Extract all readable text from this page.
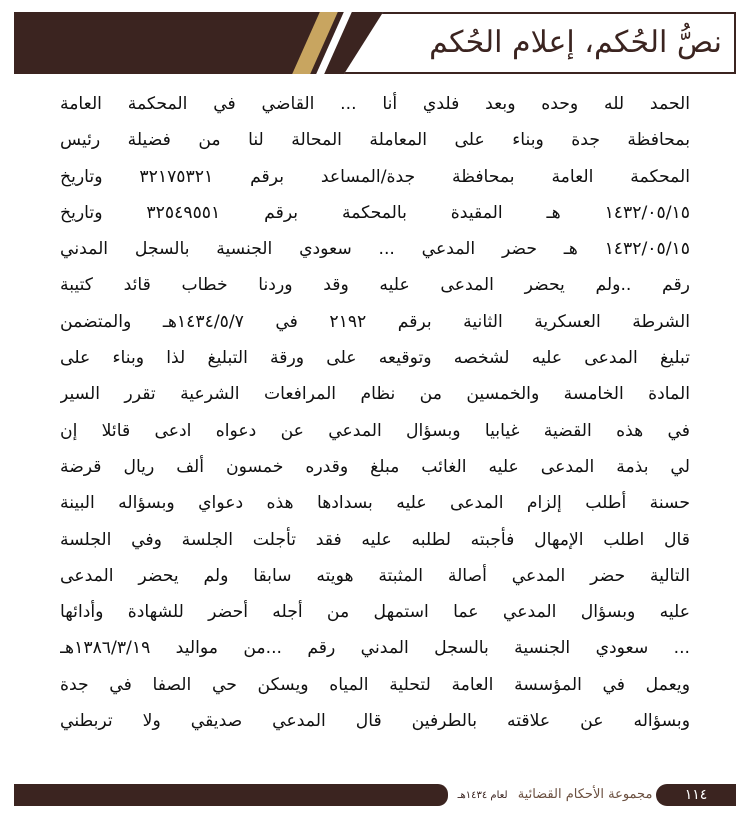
نصُّ الحُكم، إعلام الحُكم
الحمد لله وحده وبعد فلدي أنا ... القاضي في المحكمة العامة
بمحافظة جدة وبناء على المعاملة المحالة لنا من فضيلة رئيس
المحكمة العامة بمحافظة جدة/المساعد برقم ٣٢١٧٥٣٢١ وتاريخ
١٤٣٢/٠٥/١٥ هـ المقيدة بالمحكمة برقم ٣٢٥٤٩٥٥١ وتاريخ
١٤٣٢/٠٥/١٥ هـ حضر المدعي ... سعودي الجنسية بالسجل المدني
رقم ..ولم يحضر المدعى عليه وقد وردنا خطاب قائد كتيبة
الشرطة العسكرية الثانية برقم ٢١٩٢ في ١٤٣٤/٥/٧هـ والمتضمن
تبليغ المدعى عليه لشخصه وتوقيعه على ورقة التبليغ لذا وبناء على
المادة الخامسة والخمسين من نظام المرافعات الشرعية تقرر السير
في هذه القضية غيابيا وبسؤال المدعي عن دعواه ادعى قائلا إن
لي بذمة المدعى عليه الغائب مبلغ وقدره خمسون ألف ريال قرضة
حسنة أطلب إلزام المدعى عليه بسدادها هذه دعواي وبسؤاله البينة
قال اطلب الإمهال فأجبته لطلبه عليه فقد تأجلت الجلسة وفي الجلسة
التالية حضر المدعي أصالة المثبتة هويته سابقا ولم يحضر المدعى
عليه وبسؤال المدعي عما استمهل من أجله أحضر للشهادة وأدائها
... سعودي الجنسية بالسجل المدني رقم ...من مواليد ١٣٨٦/٣/١٩هـ
ويعمل في المؤسسة العامة لتحلية المياه ويسكن حي الصفا في جدة
وبسؤاله عن علاقته بالطرفين قال المدعي صديقي ولا تربطني
مجموعة الأحكام القضائية لعام ١٤٣٤هـ	١١٤
